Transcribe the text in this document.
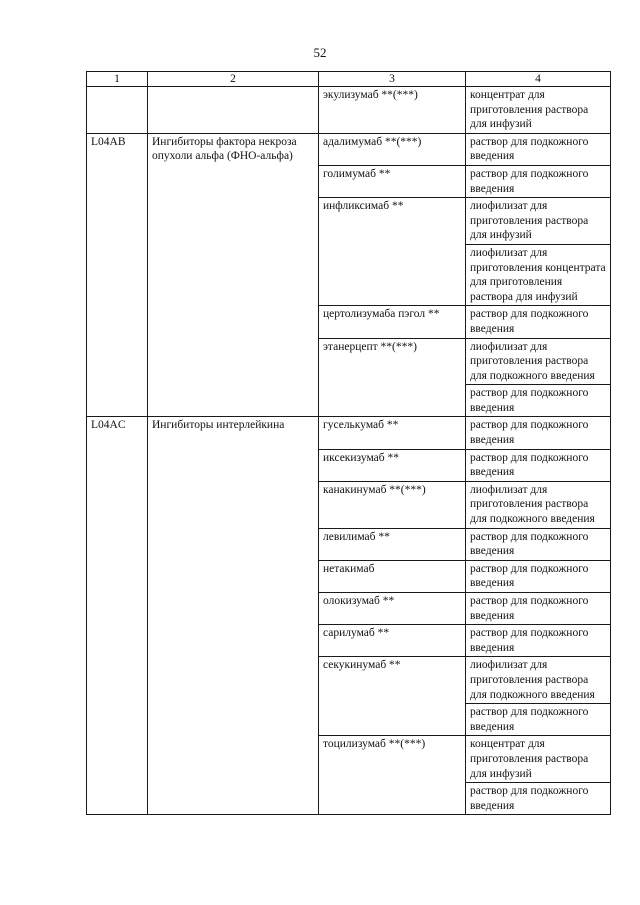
52
1	2	3	4
		экулизумаб **(***)	концентрат для приготовления раствора для инфузий
L04AB	Ингибиторы фактора некроза опухоли альфа (ФНО-альфа)	адалимумаб **(***)	раствор для подкожного введения
		голимумаб **	раствор для подкожного введения
		инфликсимаб **	лиофилизат для приготовления раствора для инфузий
			лиофилизат для приготовления концентрата для приготовления раствора для инфузий
		цертолизумаба пэгол **	раствор для подкожного введения
		этанерцепт **(***)	лиофилизат для приготовления раствора для подкожного введения
			раствор для подкожного введения
L04AC	Ингибиторы интерлейкина	гуселькумаб **	раствор для подкожного введения
		иксекизумаб **	раствор для подкожного введения
		канакинумаб **(***)	лиофилизат для приготовления раствора для подкожного введения
		левилимаб **	раствор для подкожного введения
		нетакимаб	раствор для подкожного введения
		олокизумаб **	раствор для подкожного введения
		сарилумаб **	раствор для подкожного введения
		секукинумаб **	лиофилизат для приготовления раствора для подкожного введения
			раствор для подкожного введения
		тоцилизумаб **(***)	концентрат для приготовления раствора для инфузий
			раствор для подкожного введения
